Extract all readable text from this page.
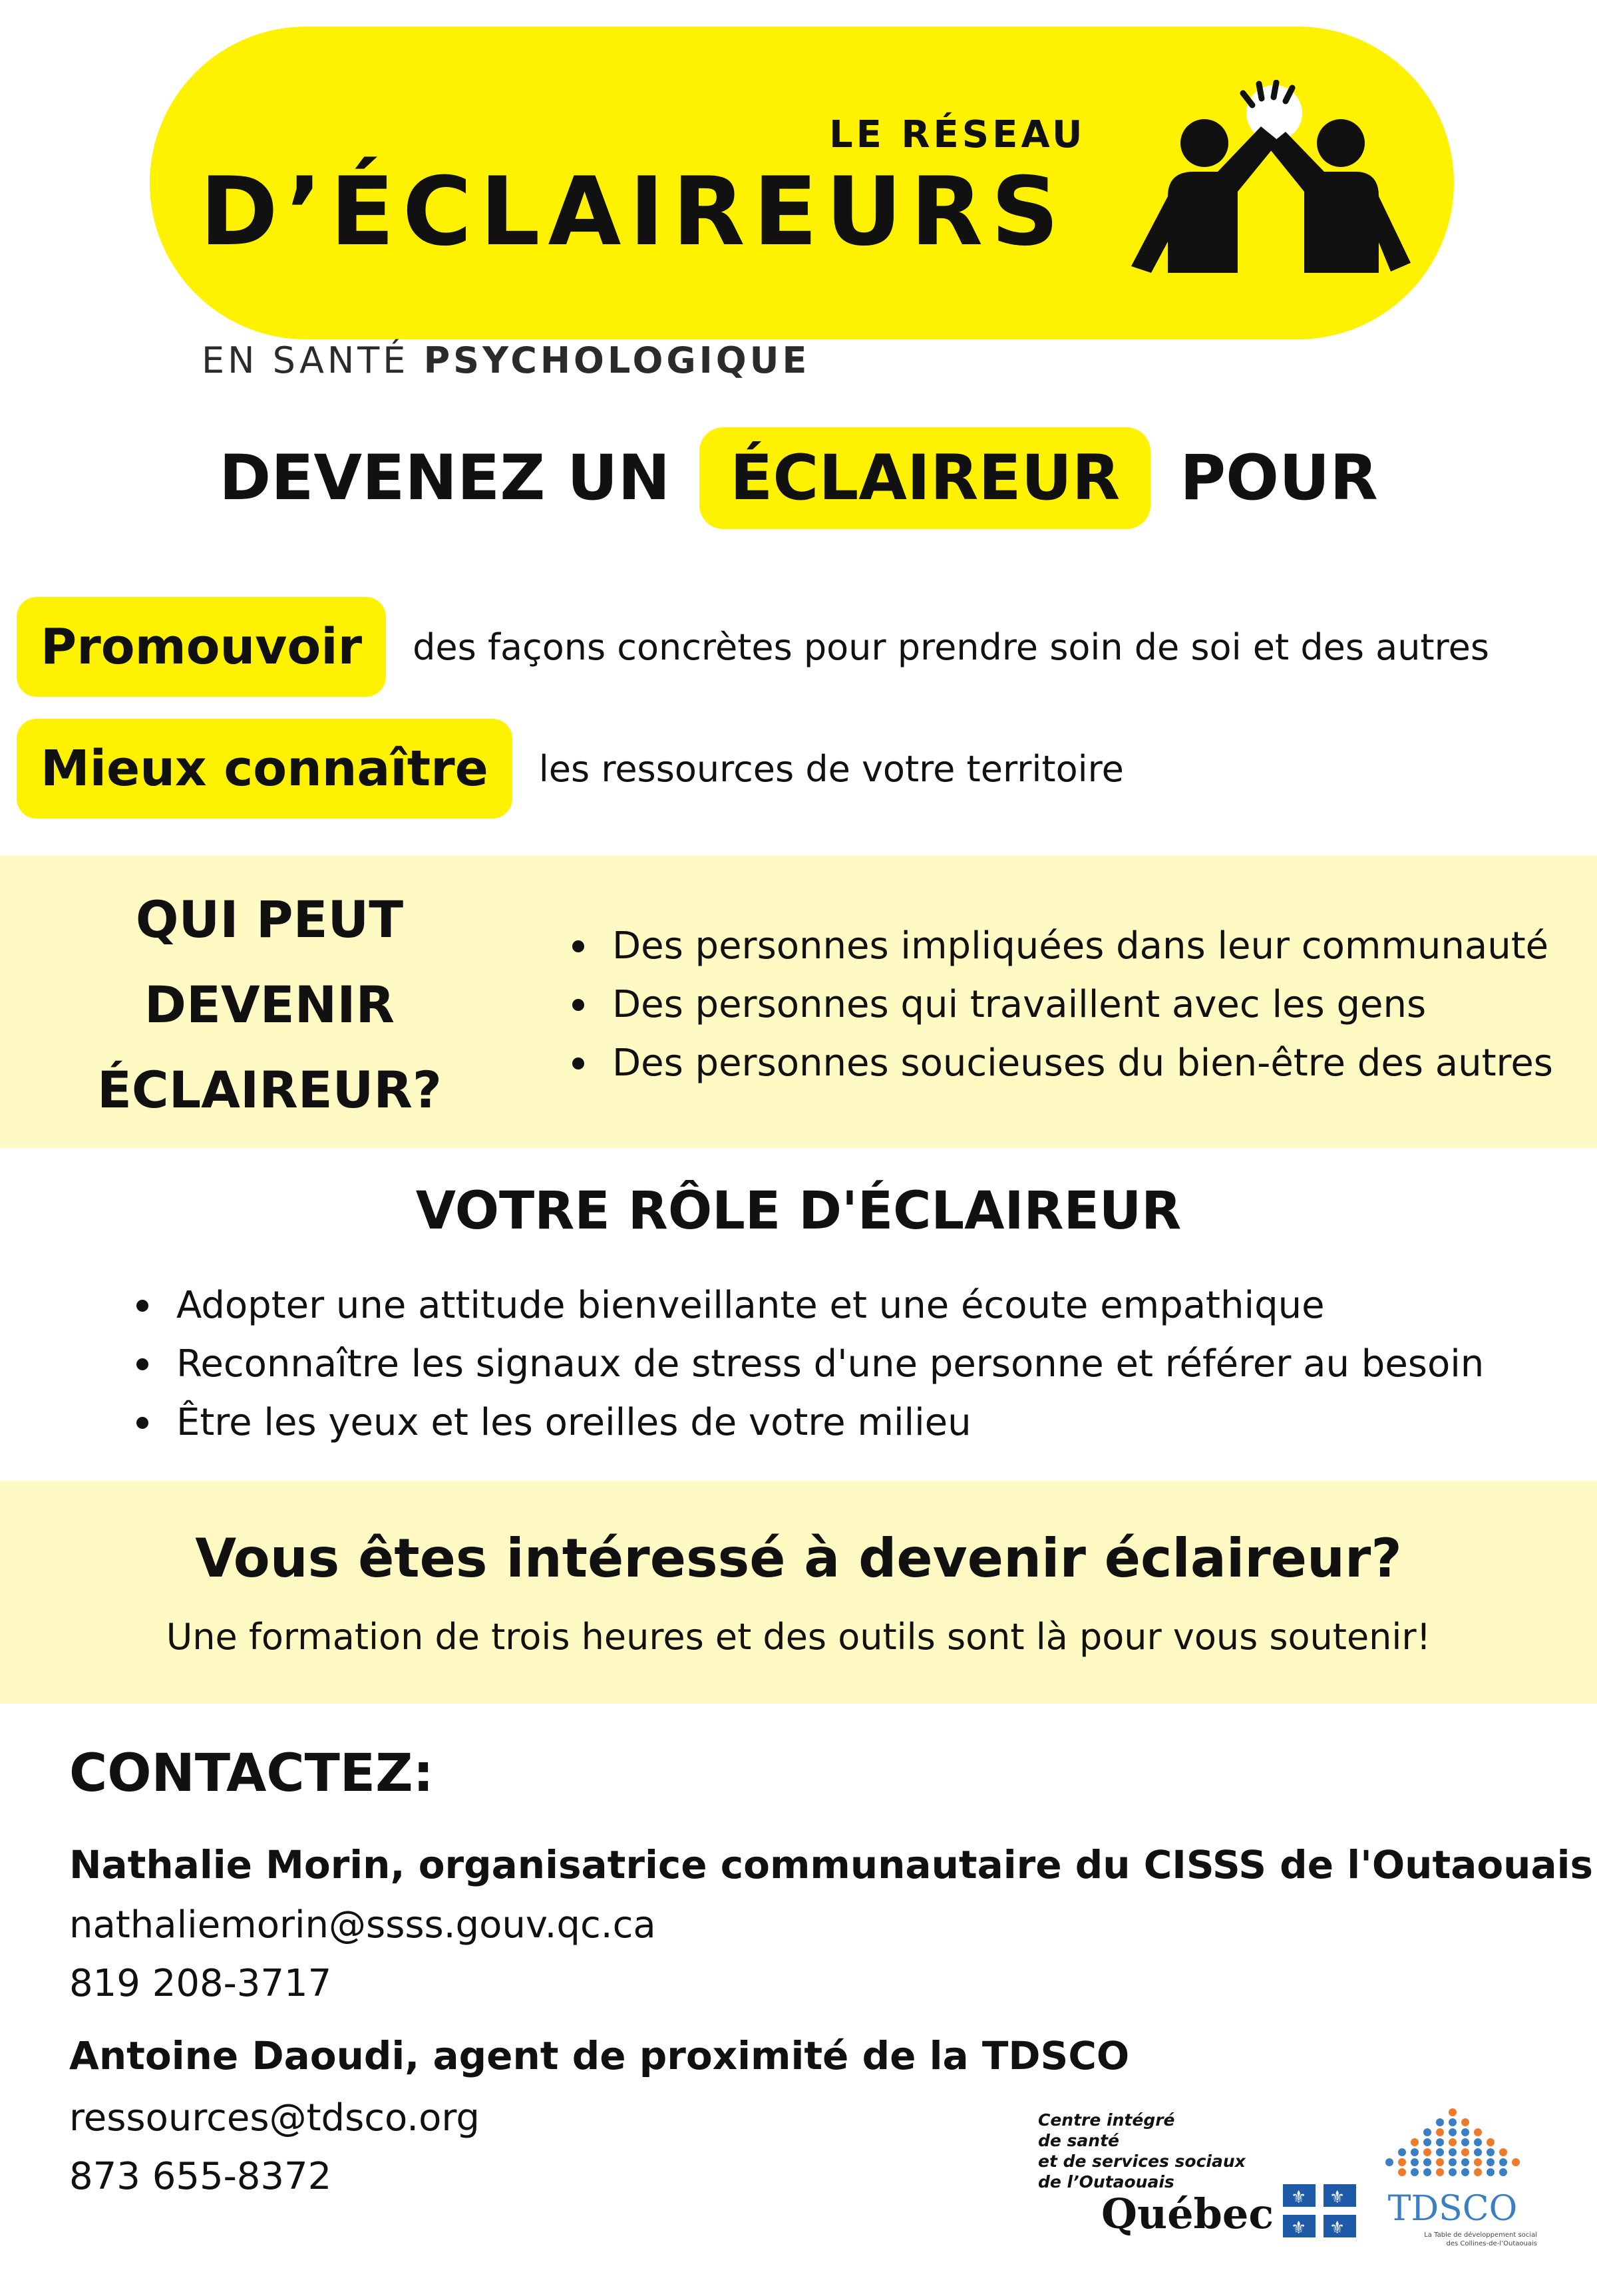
LE RÉSEAU
D’ÉCLAIREURS
EN SANTÉ PSYCHOLOGIQUE
DEVENEZ UN ÉCLAIREUR POUR
Promouvoir	des façons concrètes pour prendre soin de soi et des autres
Mieux connaître	les ressources de votre territoire
QUI PEUT
DEVENIR
ÉCLAIREUR?
Des personnes impliquées dans leur communauté
Des personnes qui travaillent avec les gens
Des personnes soucieuses du bien-être des autres
VOTRE RÔLE D'ÉCLAIREUR
Adopter une attitude bienveillante et une écoute empathique
Reconnaître les signaux de stress d'une personne et référer au besoin
Être les yeux et les oreilles de votre milieu
Vous êtes intéressé à devenir éclaireur?
Une formation de trois heures et des outils sont là pour vous soutenir!
CONTACTEZ:
Nathalie Morin, organisatrice communautaire du CISSS de l'Outaouais
nathaliemorin@ssss.gouv.qc.ca
819 208-3717
Antoine Daoudi, agent de proximité de la TDSCO
ressources@tdsco.org
873 655-8372
Centre intégré
de santé
et de services sociaux
de l’Outaouais
Québec ⚜ ⚜
⚜ ⚜ TDSCO
La Table de développement social
des Collines-de-l’Outaouais
